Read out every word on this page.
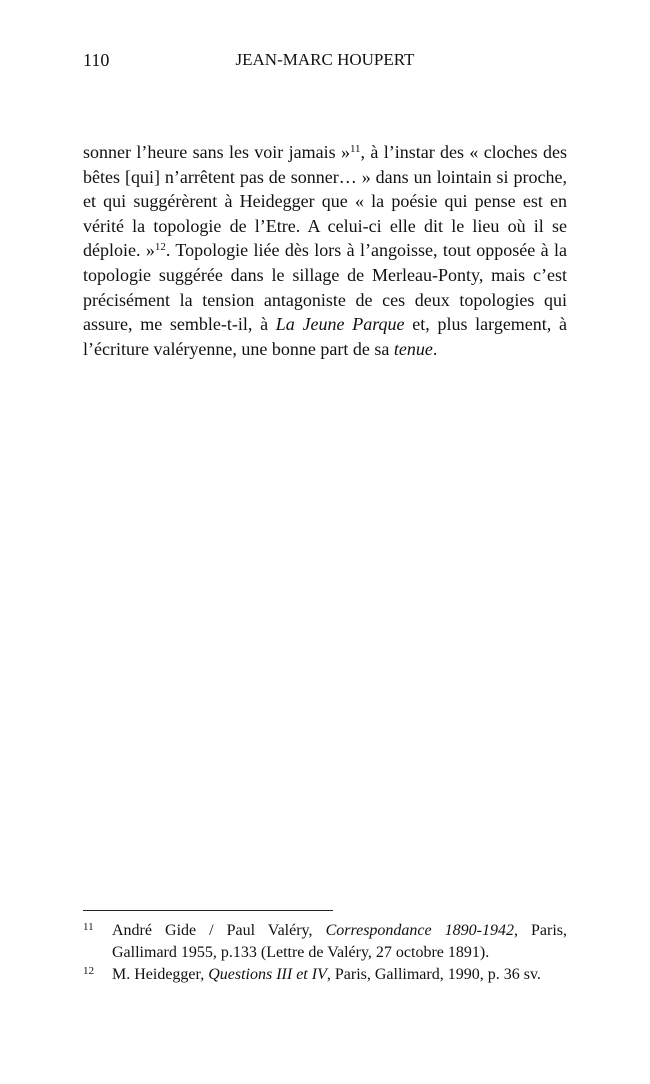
110	JEAN-MARC HOUPERT

sonner l’heure sans les voir jamais »$^{11}$, à l’instar des « cloches des bêtes [qui] n’arrêtent pas de sonner… » dans un lointain si proche, et qui suggérèrent à Heidegger que « la poésie qui pense est en vérité la topologie de l’Etre. A celui-ci elle dit le lieu où il se déploie. »$^{12}$. Topologie liée dès lors à l’angoisse, tout opposée à la topologie suggérée dans le sillage de Merleau-Ponty, mais c’est précisément la tension antagoniste de ces deux topologies qui assure, me semble-t-il, à La Jeune Parque et, plus largement, à l’écriture valéryenne, une bonne part de sa tenue.

11 André Gide / Paul Valéry, Correspondance 1890-1942, Paris, Gallimard 1955, p.133 (Lettre de Valéry, 27 octobre 1891).
12 M. Heidegger, Questions III et IV, Paris, Gallimard, 1990, p. 36 sv.
